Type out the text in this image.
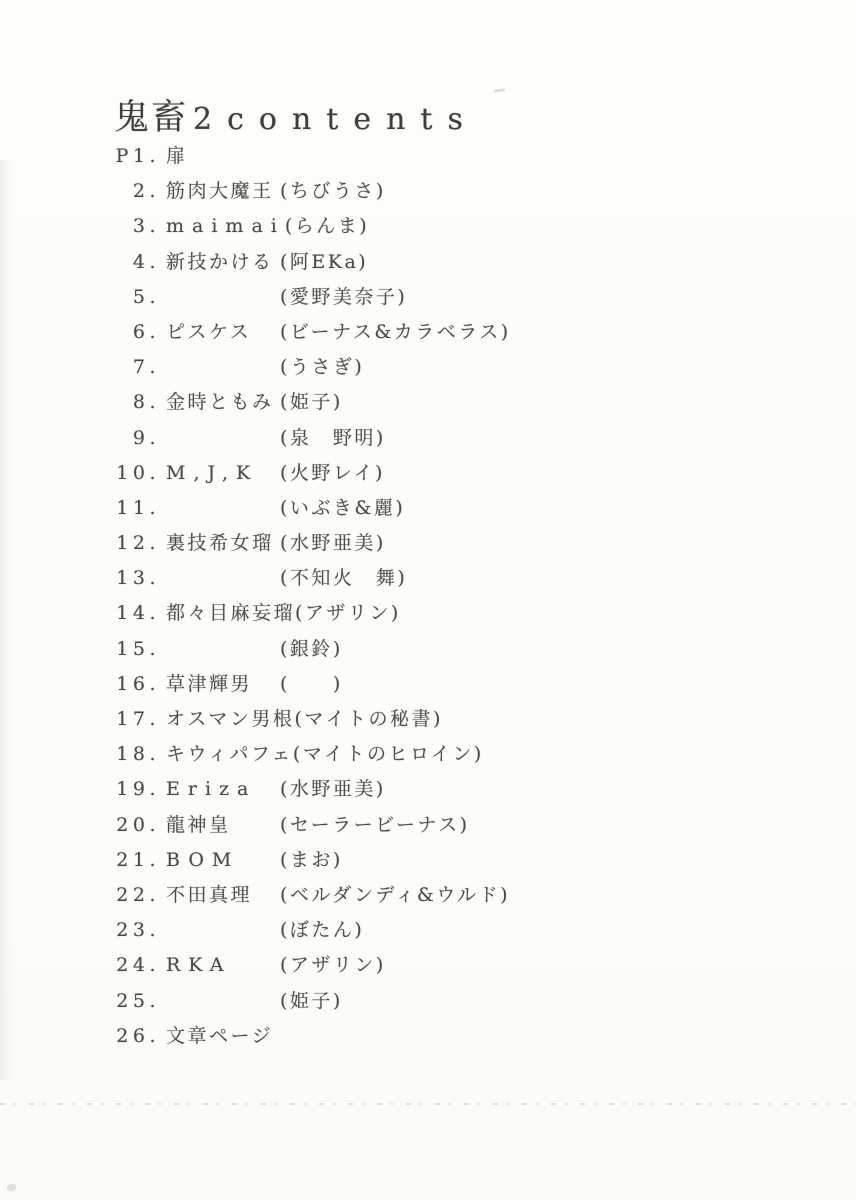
鬼畜 2contents
P1. 扉
2. 筋肉大魔王 (ちびうさ)
3. maimai (らんま)
4. 新技かける (阿EKa)
5.	(愛野美奈子)
6. ピスケス	(ビーナス&カラベラス)
7.	(うさぎ)
8. 金時ともみ (姫子)
9.	(泉　野明)
10. M,J,K	(火野レイ)
11.	(いぶき&麗)
12. 裏技希女瑠 (水野亜美)
13.	(不知火　舞)
14. 都々目麻妄瑠 (アザリン)
15.	(銀鈴)
16. 草津輝男	(　　)
17. オスマン男根 (マイトの秘書)
18. キウィパフェ (マイトのヒロイン)
19. Eriza	(水野亜美)
20. 龍神皇	(セーラービーナス)
21. BOM	(まお)
22. 不田真理	(ベルダンディ&ウルド)
23.	(ぼたん)
24. RKA	(アザリン)
25.	(姫子)
26. 文章ページ
